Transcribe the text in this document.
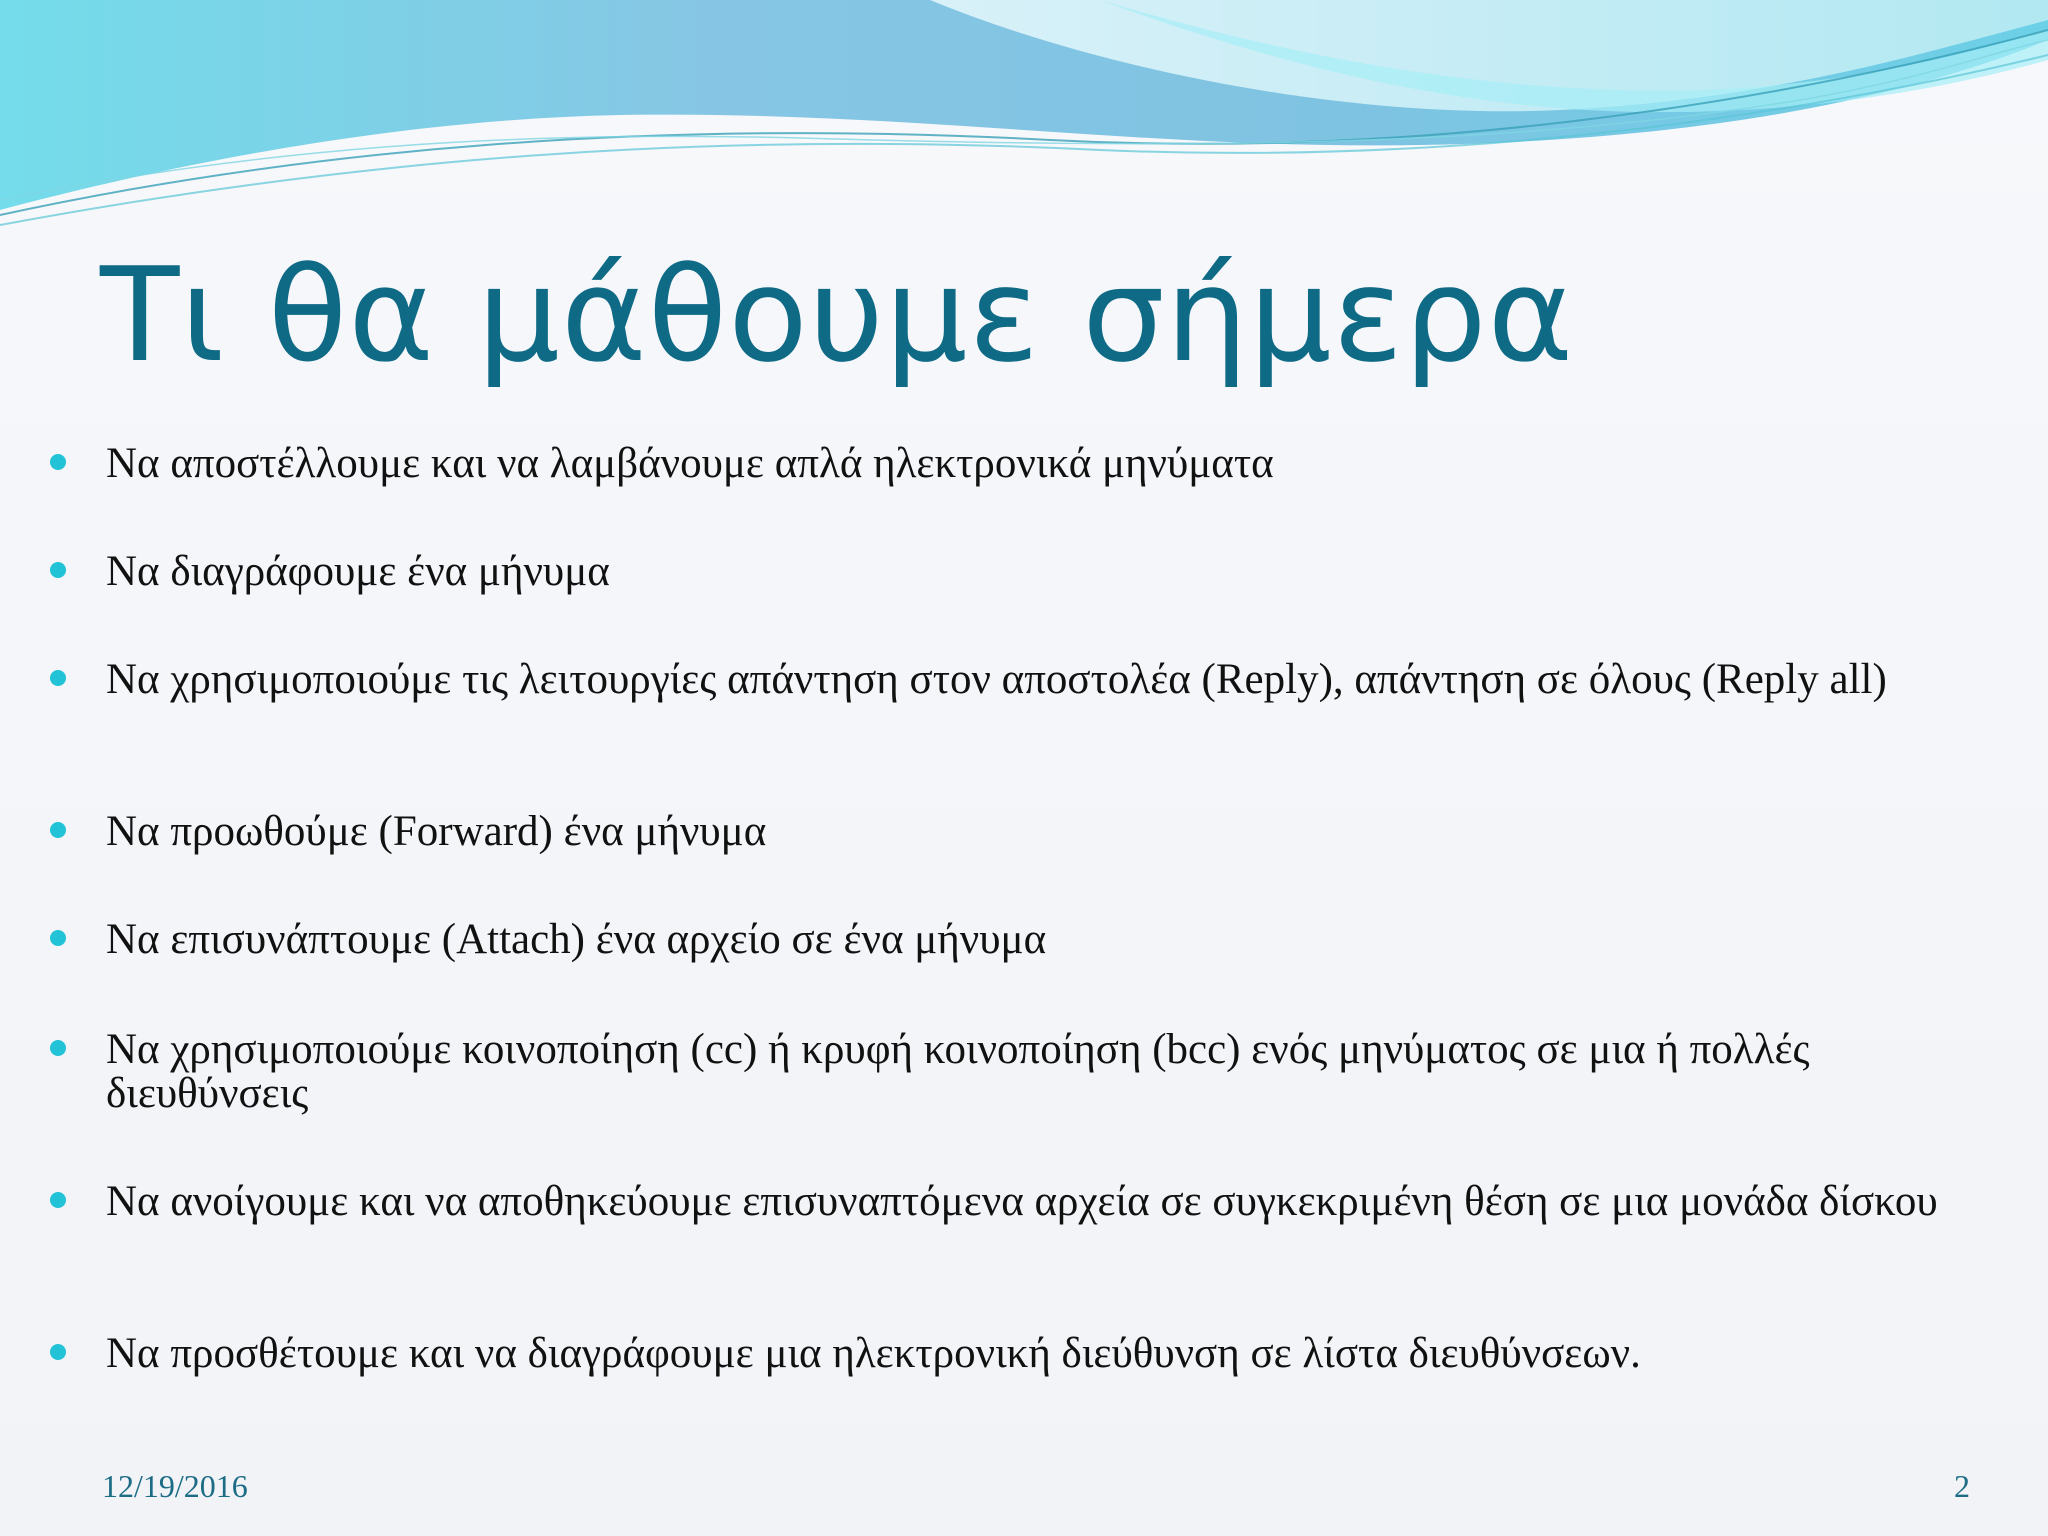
Τι θα μάθουμε σήμερα
Να αποστέλλουμε και να λαμβάνουμε απλά ηλεκτρονικά μηνύματα
Να διαγράφουμε ένα μήνυμα
Να χρησιμοποιούμε τις λειτουργίες απάντηση στον αποστολέα (Reply), απάντηση σε όλους (Reply all)
Να προωθούμε (Forward) ένα μήνυμα
Να επισυνάπτουμε (Attach) ένα αρχείο σε ένα μήνυμα
Να χρησιμοποιούμε κοινοποίηση (cc) ή κρυφή κοινοποίηση (bcc) ενός μηνύματος σε μια ή πολλές διευθύνσεις
Να ανοίγουμε και να αποθηκεύουμε επισυναπτόμενα αρχεία σε συγκεκριμένη θέση σε μια μονάδα δίσκου
Να προσθέτουμε και να διαγράφουμε μια ηλεκτρονική διεύθυνση σε λίστα διευθύνσεων.
12/19/2016	2
